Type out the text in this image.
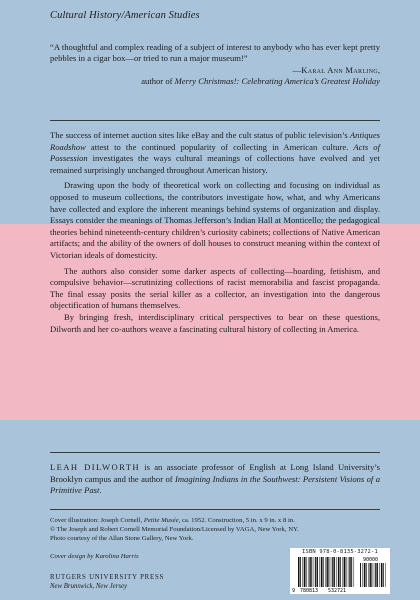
Cultural History/American Studies

“A thoughtful and complex reading of a subject of interest to anybody who has ever kept pretty pebbles in a cigar box—or tried to run a major museum!”

—Karal Ann Marling,

author of Merry Christmas!: Celebrating America’s Greatest Holiday

The success of internet auction sites like eBay and the cult status of public television’s Antiques Roadshow attest to the continued popularity of collecting in American culture. Acts of Possession investigates the ways cultural meanings of collections have evolved and yet remained surprisingly unchanged throughout American history.

Drawing upon the body of theoretical work on collecting and focusing on individual as opposed to museum collections, the contributors investigate how, what, and why Americans have collected and explore the inherent meanings behind systems of organization and display. Essays consider the meanings of Thomas Jefferson’s Indian Hall at Monticello; the pedagogical theories behind nineteenth-century children’s curiosity cabinets; collections of Native American artifacts; and the ability of the owners of doll houses to construct meaning within the context of Victorian ideals of domesticity.

The authors also consider some darker aspects of collecting—hoarding, fetishism, and compulsive behavior—scrutinizing collections of racist memorabilia and fascist propaganda. The final essay posits the serial killer as a collector, an investigation into the dangerous objectification of humans themselves.

By bringing fresh, interdisciplinary critical perspectives to bear on these questions, Dilworth and her co-authors weave a fascinating cultural history of collecting in America.

LEAH DILWORTH is an associate professor of English at Long Island University’s Brooklyn campus and the author of Imagining Indians in the Southwest: Persistent Visions of a Primitive Past.

Cover illustration: Joseph Cornell, Petite Musée, ca. 1952. Construction, 5 in. x 9 in. x 8 in.

© The Joseph and Robert Cornell Memorial Foundation/Licensed by VAGA, New York, NY.

Photo courtesy of the Allan Stone Gallery, New York.

Cover design by Karolina Harris

RUTGERS UNIVERSITY PRESS

New Brunswick, New Jersey

ISBN 978-0-8135-3272-1
9 780813 532721
90000
